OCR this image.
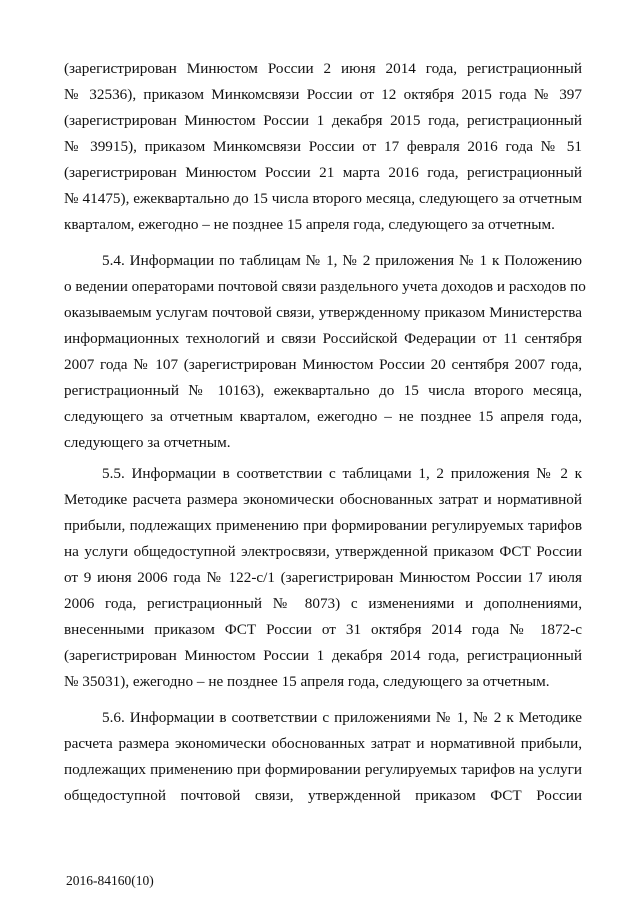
(зарегистрирован Минюстом России 2 июня 2014 года, регистрационный
№ 32536), приказом Минкомсвязи России от 12 октября 2015 года № 397
(зарегистрирован Минюстом России 1 декабря 2015 года, регистрационный
№ 39915), приказом Минкомсвязи России от 17 февраля 2016 года № 51
(зарегистрирован Минюстом России 21 марта 2016 года, регистрационный
№ 41475), ежеквартально до 15 числа второго месяца, следующего за отчетным
кварталом, ежегодно – не позднее 15 апреля года, следующего за отчетным.
5.4. Информации по таблицам № 1, № 2 приложения № 1 к Положению
о ведении операторами почтовой связи раздельного учета доходов и расходов по
оказываемым услугам почтовой связи, утвержденному приказом Министерства
информационных технологий и связи Российской Федерации от 11 сентября
2007 года № 107 (зарегистрирован Минюстом России 20 сентября 2007 года,
регистрационный № 10163), ежеквартально до 15 числа второго месяца,
следующего за отчетным кварталом, ежегодно – не позднее 15 апреля года,
следующего за отчетным.
5.5. Информации в соответствии с таблицами 1, 2 приложения № 2 к
Методике расчета размера экономически обоснованных затрат и нормативной
прибыли, подлежащих применению при формировании регулируемых тарифов
на услуги общедоступной электросвязи, утвержденной приказом ФСТ России
от 9 июня 2006 года № 122-с/1 (зарегистрирован Минюстом России 17 июля
2006 года, регистрационный № 8073) с изменениями и дополнениями,
внесенными приказом ФСТ России от 31 октября 2014 года № 1872-с
(зарегистрирован Минюстом России 1 декабря 2014 года, регистрационный
№ 35031), ежегодно – не позднее 15 апреля года, следующего за отчетным.
5.6. Информации в соответствии с приложениями № 1, № 2 к Методике
расчета размера экономически обоснованных затрат и нормативной прибыли,
подлежащих применению при формировании регулируемых тарифов на услуги
общедоступной почтовой связи, утвержденной приказом ФСТ России
2016-84160(10)
